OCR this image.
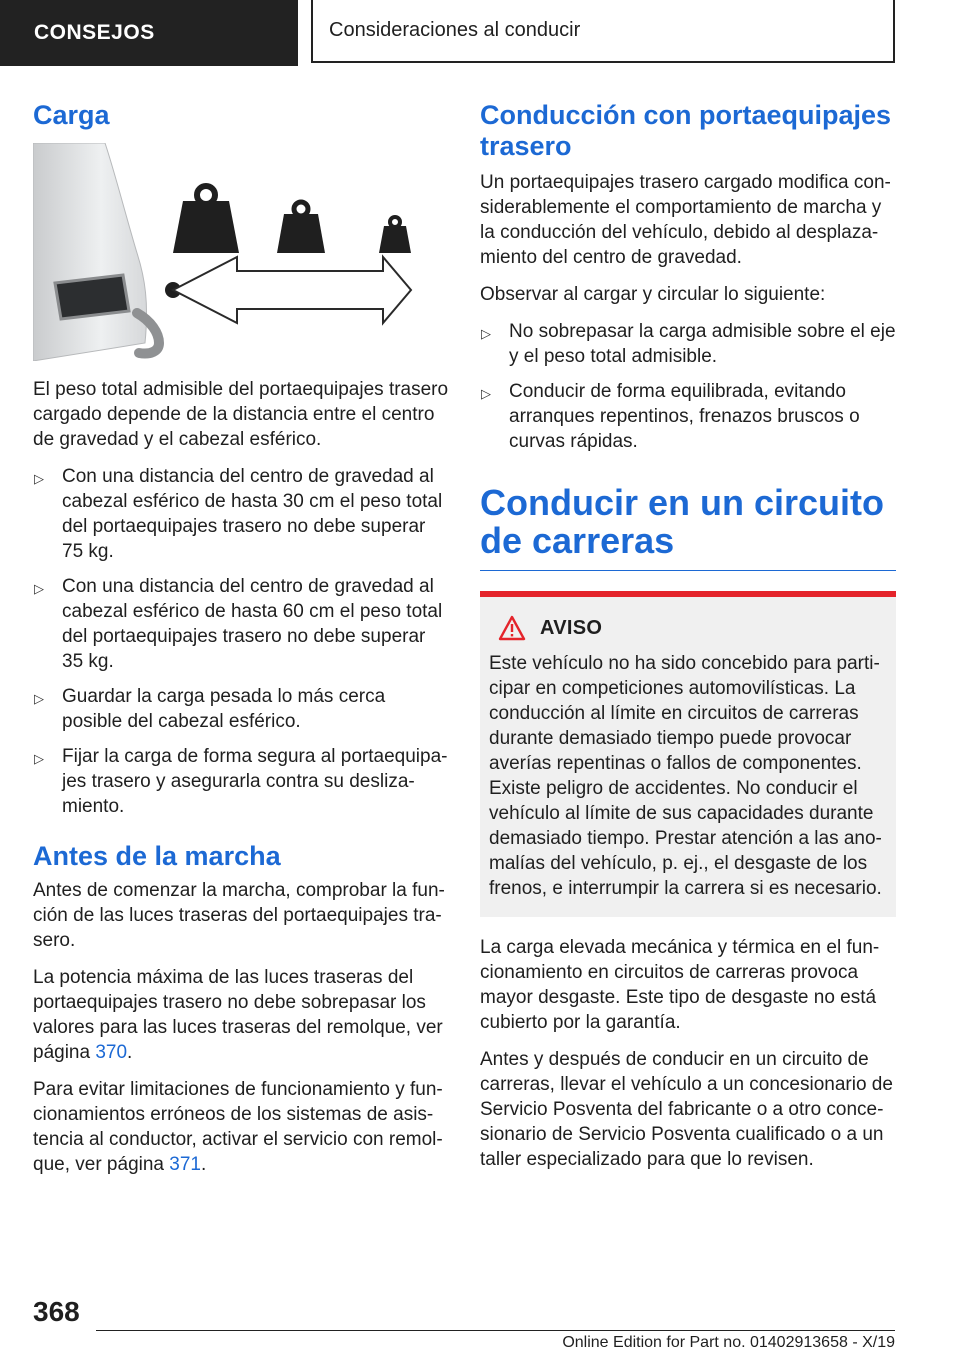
CONSEJOS	Consideraciones al conducir
Carga

El peso total admisible del portaequipajes trasero cargado depende de la distancia entre el centro de gravedad y el cabezal esférico.

▷ Con una distancia del centro de gravedad al cabezal esférico de hasta 30 cm el peso total del portaequipajes trasero no debe superar 75 kg.
▷ Con una distancia del centro de gravedad al cabezal esférico de hasta 60 cm el peso total del portaequipajes trasero no debe superar 35 kg.
▷ Guardar la carga pesada lo más cerca posible del cabezal esférico.
▷ Fijar la carga de forma segura al portaequipa-jes trasero y asegurarla contra su desliza-miento.
Antes de la marcha

Antes de comenzar la marcha, comprobar la fun-ción de las luces traseras del portaequipajes tra-sero.

La potencia máxima de las luces traseras del portaequipajes trasero no debe sobrepasar los valores para las luces traseras del remolque, ver página 370.

Para evitar limitaciones de funcionamiento y fun-cionamientos erróneos de los sistemas de asis-tencia al conductor, activar el servicio con remol-que, ver página 371.

Conducción con portaequipajes trasero

Un portaequipajes trasero cargado modifica con-siderablemente el comportamiento de marcha y la conducción del vehículo, debido al desplaza-miento del centro de gravedad.

Observar al cargar y circular lo siguiente:

▷ No sobrepasar la carga admisible sobre el eje y el peso total admisible.
▷ Conducir de forma equilibrada, evitando arranques repentinos, frenazos bruscos o curvas rápidas.
Conducir en un circuito de carreras
AVISO

Este vehículo no ha sido concebido para parti-cipar en competiciones automovilísticas. La conducción al límite en circuitos de carreras durante demasiado tiempo puede provocar averías repentinas o fallos de componentes. Existe peligro de accidentes. No conducir el vehículo al límite de sus capacidades durante demasiado tiempo. Prestar atención a las ano-malías del vehículo, p. ej., el desgaste de los frenos, e interrumpir la carrera si es necesario.

La carga elevada mecánica y térmica en el fun-cionamiento en circuitos de carreras provoca mayor desgaste. Este tipo de desgaste no está cubierto por la garantía.

Antes y después de conducir en un circuito de carreras, llevar el vehículo a un concesionario de Servicio Posventa del fabricante o a otro conce-sionario de Servicio Posventa cualificado o a un taller especializado para que lo revisen.

368
Online Edition for Part no. 01402913658 - X/19
